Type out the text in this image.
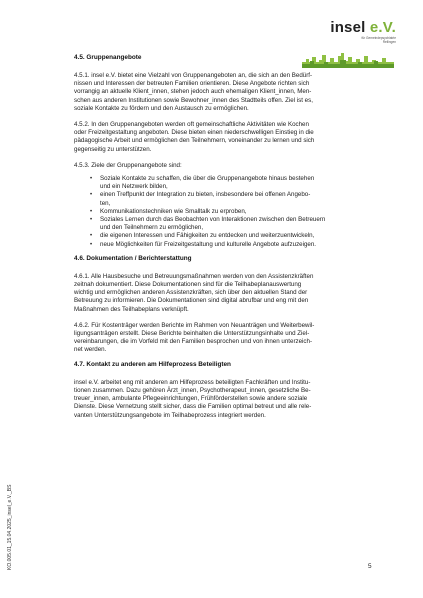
insel e.V.
für Gemeindepsychiatrie
Rellingen
4.5. Gruppenangebote

4.5.1. insel e.V. bietet eine Vielzahl von Gruppenangeboten an, die sich an den Bedürf-

nissen und Interessen der betreuten Familien orientieren. Diese Angebote richten sich

vorrangig an aktuelle Klient_innen, stehen jedoch auch ehemaligen Klient_innen, Men-

schen aus anderen Institutionen sowie Bewohner_innen des Stadtteils offen. Ziel ist es,

soziale Kontakte zu fördern und den Austausch zu ermöglichen.

4.5.2. In den Gruppenangeboten werden oft gemeinschaftliche Aktivitäten wie Kochen

oder Freizeitgestaltung angeboten. Diese bieten einen niederschwelligen Einstieg in die

pädagogische Arbeit und ermöglichen den Teilnehmern, voneinander zu lernen und sich

gegenseitig zu unterstützen.

4.5.3. Ziele der Gruppenangebote sind:

• Soziale Kontakte zu schaffen, die über die Gruppenangebote hinaus bestehen
und ein Netzwerk bilden,
• einen Treffpunkt der Integration zu bieten, insbesondere bei offenen Angebo-
ten,
• Kommunikationstechniken wie Smalltalk zu erproben,
• Soziales Lernen durch das Beobachten von Interaktionen zwischen den Betreuern
und den Teilnehmern zu ermöglichen,
• die eigenen Interessen und Fähigkeiten zu entdecken und weiterzuentwickeln,
• neue Möglichkeiten für Freizeitgestaltung und kulturelle Angebote aufzuzeigen.
4.6. Dokumentation / Berichterstattung

4.6.1. Alle Hausbesuche und Betreuungsmaßnahmen werden von den Assistenzkräften

zeitnah dokumentiert. Diese Dokumentationen sind für die Teilhabeplanauswertung

wichtig und ermöglichen anderen Assistenzkräften, sich über den aktuellen Stand der

Betreuung zu informieren. Die Dokumentationen sind digital abrufbar und eng mit den

Maßnahmen des Teilhabeplans verknüpft.

4.6.2. Für Kostenträger werden Berichte im Rahmen von Neuanträgen und Weiterbewil-

ligungsanträgen erstellt. Diese Berichte beinhalten die Unterstützungsinhalte und Ziel-

vereinbarungen, die im Vorfeld mit den Familien besprochen und von ihnen unterzeich-

net werden.

4.7. Kontakt zu anderen am Hilfeprozess Beteiligten

insel e.V. arbeitet eng mit anderen am Hilfeprozess beteiligten Fachkräften und Institu-

tionen zusammen. Dazu gehören Ärzt_innen, Psychotherapeut_innen, gesetzliche Be-

treuer_innen, ambulante Pflegeeinrichtungen, Frühförderstellen sowie andere soziale

Dienste. Diese Vernetzung stellt sicher, dass die Familien optimal betreut und alle rele-

vanten Unterstützungsangebote im Teilhabeprozess integriert werden.

KO.005.01_15.04.2025_insel_e.V._BS	5
